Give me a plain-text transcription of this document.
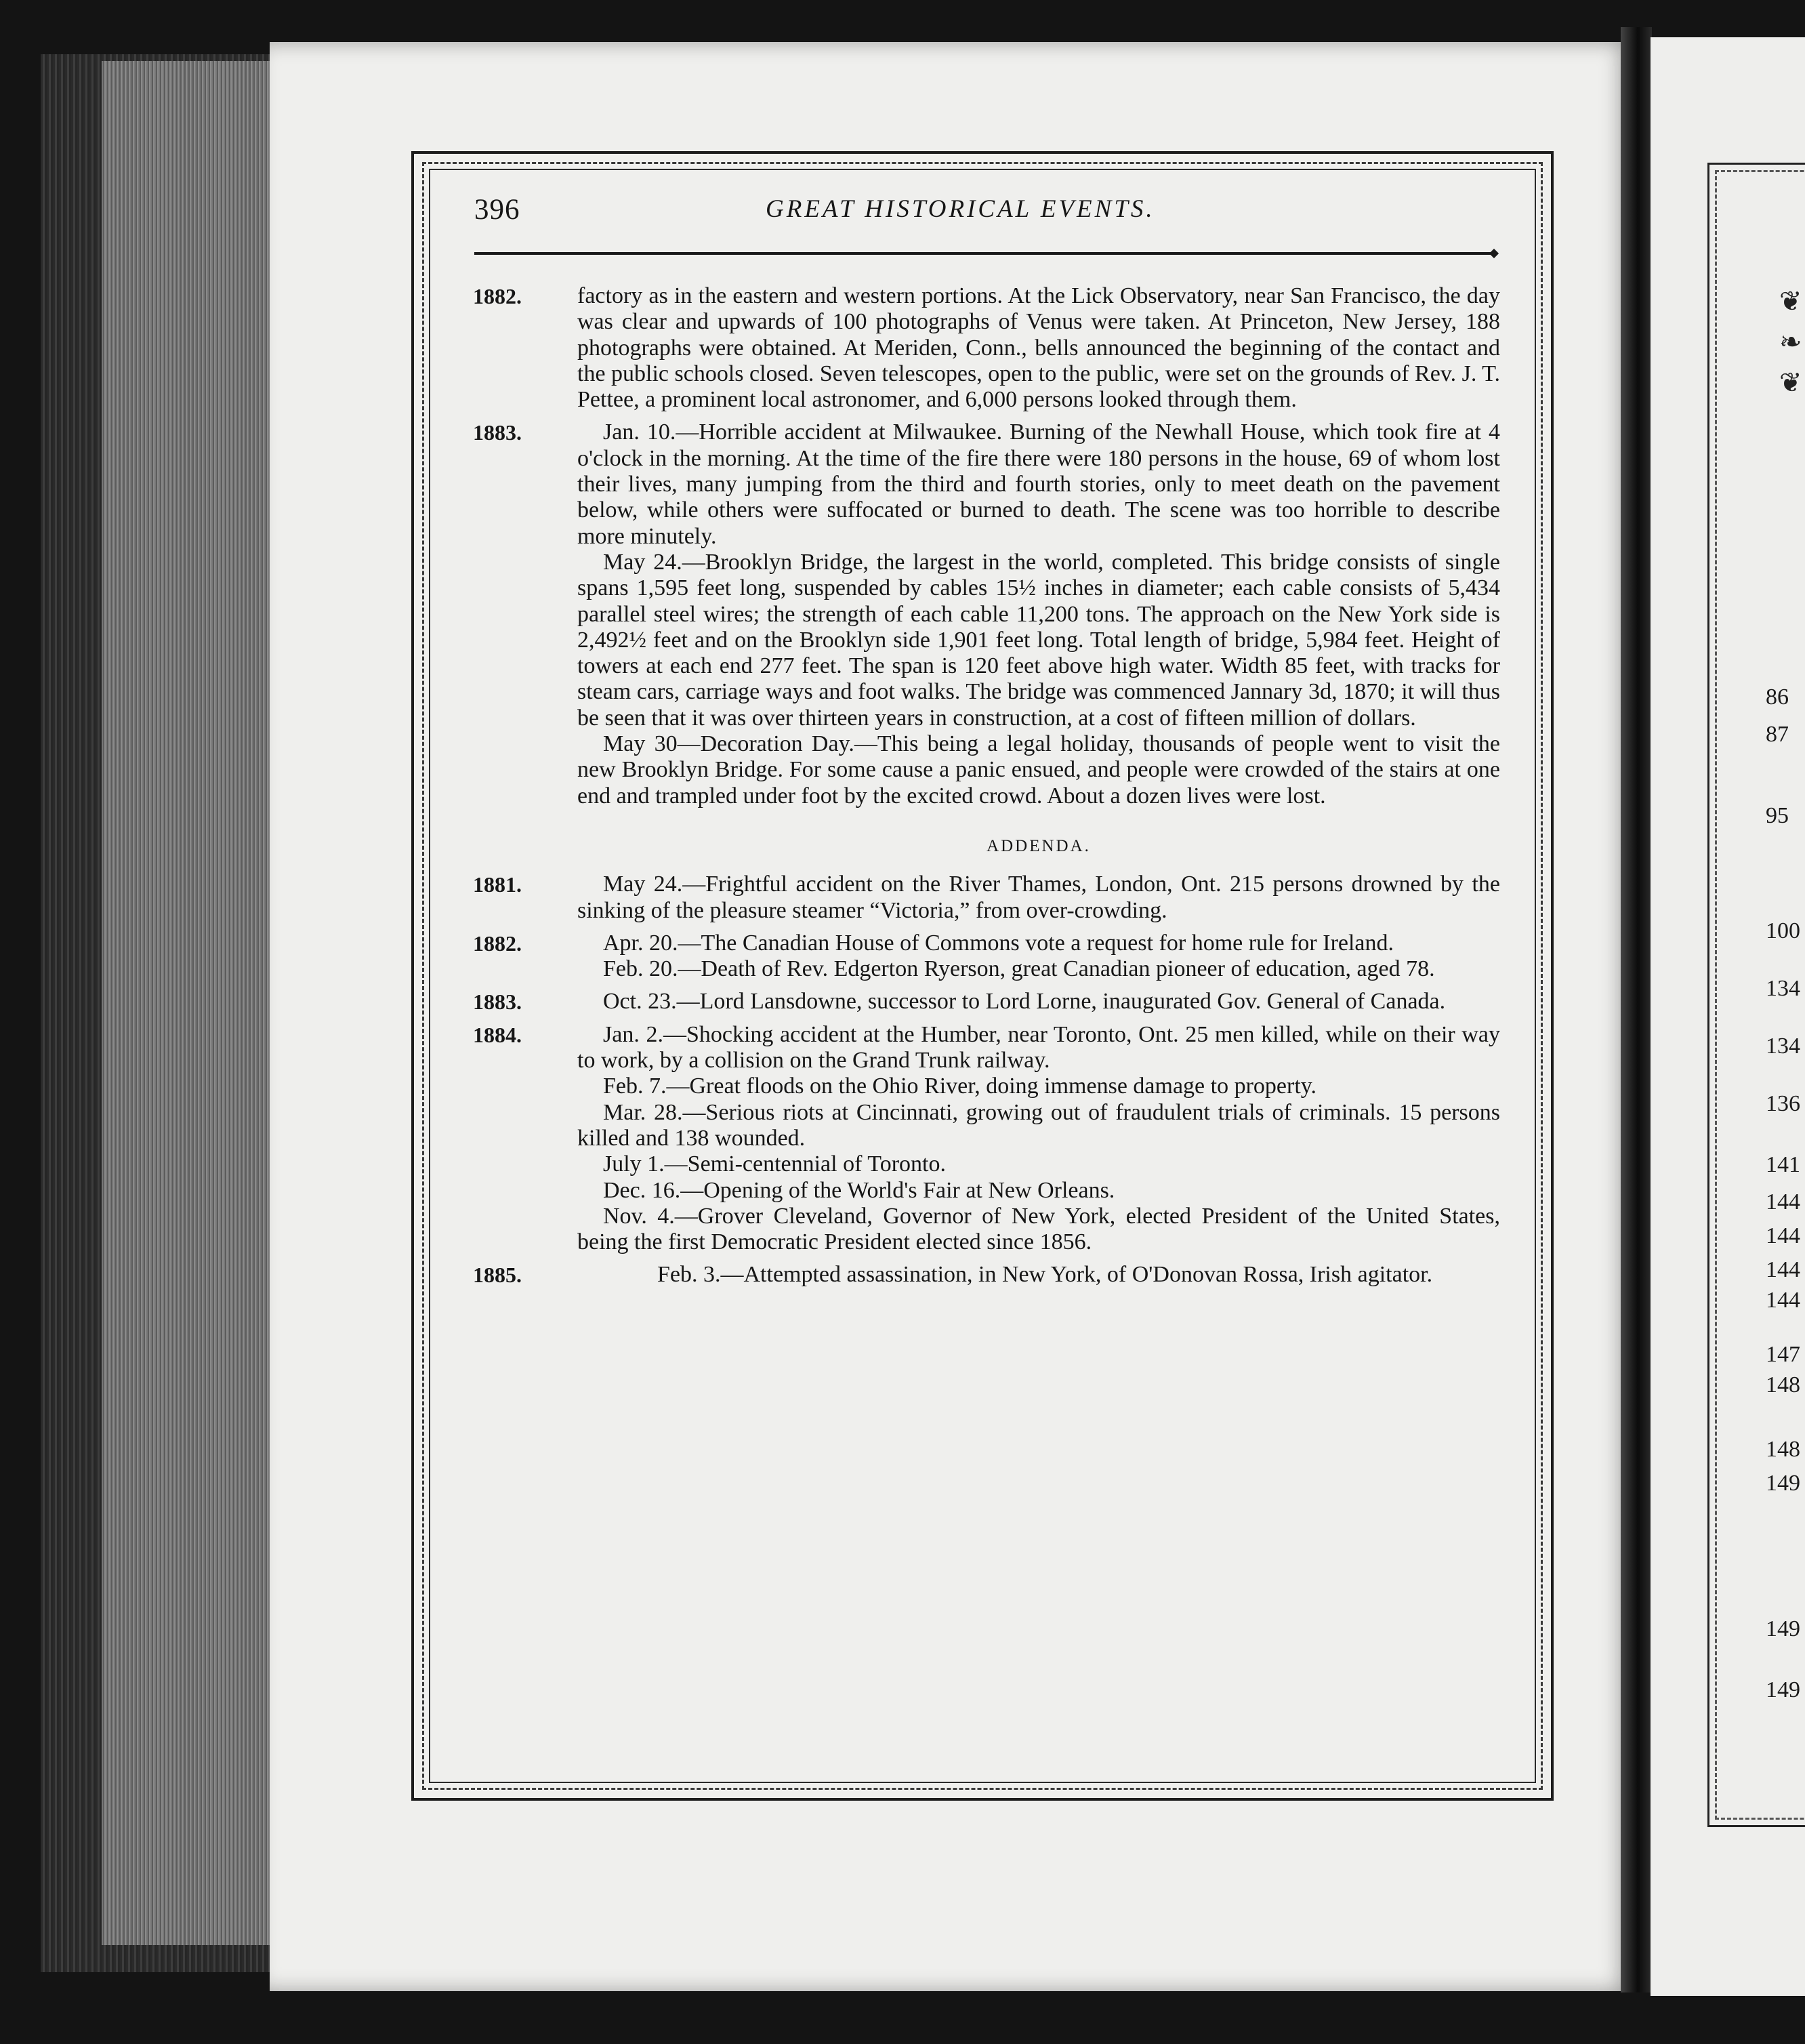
❦
❧
❦
86
87
95
100
134
134
136
141
144
144
144
144
147
148
148
149
149
149
396	GREAT HISTORICAL EVENTS.
1882. factory as in the eastern and western portions. At the Lick Observatory, near San Francisco, the day was clear and upwards of 100 photographs of Venus were taken. At Princeton, New Jersey, 188 photographs were obtained. At Meriden, Conn., bells announced the beginning of the contact and the public schools closed. Seven telescopes, open to the public, were set on the grounds of Rev. J. T. Pettee, a prominent local astronomer, and 6,000 persons looked through them.

1883.	Jan. 10.—Horrible accident at Milwaukee. Burning of the Newhall House, which took fire at 4 o'clock in the morning. At the time of the fire there were 180 persons in the house, 69 of whom lost their lives, many jumping from the third and fourth stories, only to meet death on the pavement below, while others were suffocated or burned to death. The scene was too horrible to describe more minutely.

May 24.—Brooklyn Bridge, the largest in the world, completed. This bridge consists of single spans 1,595 feet long, suspended by cables 15½ inches in diameter; each cable consists of 5,434 parallel steel wires; the strength of each cable 11,200 tons. The approach on the New York side is 2,492½ feet and on the Brooklyn side 1,901 feet long. Total length of bridge, 5,984 feet. Height of towers at each end 277 feet. The span is 120 feet above high water. Width 85 feet, with tracks for steam cars, carriage ways and foot walks. The bridge was commenced Jannary 3d, 1870; it will thus be seen that it was over thirteen years in construction, at a cost of fifteen million of dollars.

May 30—Decoration Day.—This being a legal holiday, thousands of people went to visit the new Brooklyn Bridge. For some cause a panic ensued, and people were crowded of the stairs at one end and trampled under foot by the excited crowd. About a dozen lives were lost.

ADDENDA.
1881.	May 24.—Frightful accident on the River Thames, London, Ont. 215 persons drowned by the sinking of the pleasure steamer “Victoria,” from over-crowding.

1882.	Apr. 20.—The Canadian House of Commons vote a request for home rule for Ireland.

Feb. 20.—Death of Rev. Edgerton Ryerson, great Canadian pioneer of education, aged 78.

1883.	Oct. 23.—Lord Lansdowne, successor to Lord Lorne, inaugurated Gov. General of Canada.

1884.	Jan. 2.—Shocking accident at the Humber, near Toronto, Ont. 25 men killed, while on their way to work, by a collision on the Grand Trunk railway.

Feb. 7.—Great floods on the Ohio River, doing immense damage to property.

Mar. 28.—Serious riots at Cincinnati, growing out of fraudulent trials of criminals. 15 persons killed and 138 wounded.

July 1.—Semi-centennial of Toronto.

Dec. 16.—Opening of the World's Fair at New Orleans.

Nov. 4.—Grover Cleveland, Governor of New York, elected President of the United States, being the first Democratic President elected since 1856.

1885.	Feb. 3.—Attempted assassination, in New York, of O'Donovan Rossa, Irish agitator.
